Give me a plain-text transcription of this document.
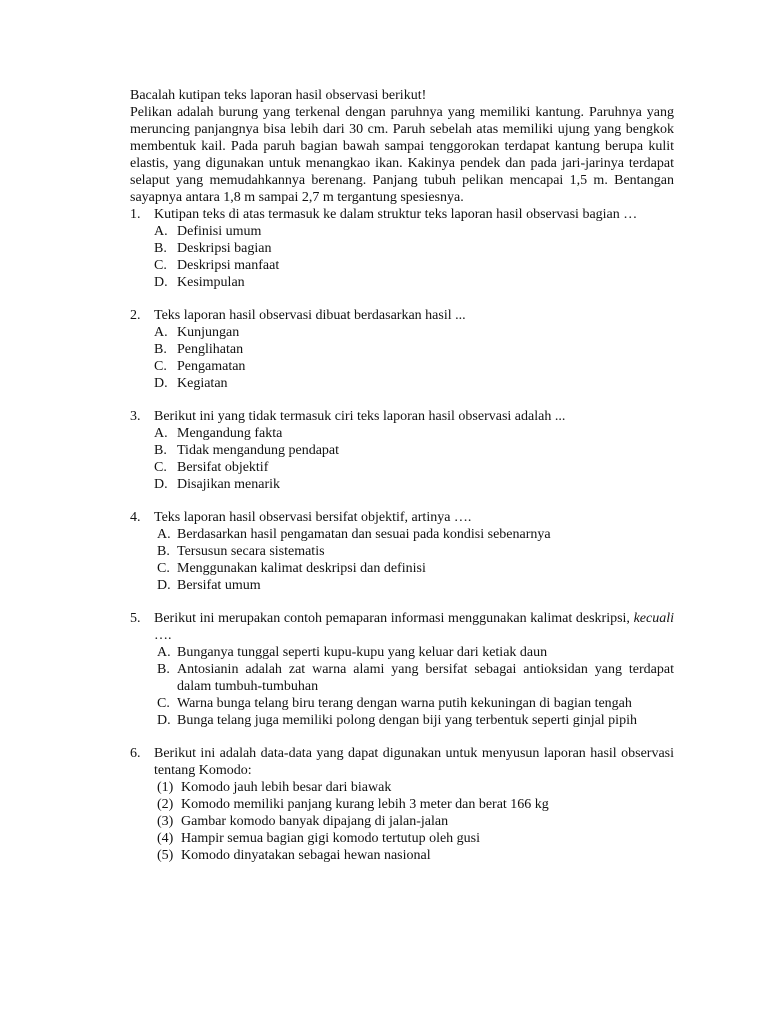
Bacalah kutipan teks laporan hasil observasi berikut!

Pelikan adalah burung yang terkenal dengan paruhnya yang memiliki kantung. Paruhnya yang meruncing panjangnya bisa lebih dari 30 cm. Paruh sebelah atas memiliki ujung yang bengkok membentuk kail. Pada paruh bagian bawah sampai tenggorokan terdapat kantung berupa kulit elastis, yang digunakan untuk menangkao ikan. Kakinya pendek dan pada jari-jarinya terdapat selaput yang memudahkannya berenang. Panjang tubuh pelikan mencapai 1,5 m. Bentangan sayapnya antara 1,8 m sampai 2,7 m tergantung spesiesnya.

1. Kutipan teks di atas termasuk ke dalam struktur teks laporan hasil observasi bagian …
A. Definisi umum
B. Deskripsi bagian
C. Deskripsi manfaat
D. Kesimpulan
2. Teks laporan hasil observasi dibuat berdasarkan hasil ...
A. Kunjungan
B. Penglihatan
C. Pengamatan
D. Kegiatan
3. Berikut ini yang tidak termasuk ciri teks laporan hasil observasi adalah ...
A. Mengandung fakta
B. Tidak mengandung pendapat
C. Bersifat objektif
D. Disajikan menarik
4. Teks laporan hasil observasi bersifat objektif, artinya ….
A. Berdasarkan hasil pengamatan dan sesuai pada kondisi sebenarnya
B. Tersusun secara sistematis
C. Menggunakan kalimat deskripsi dan definisi
D. Bersifat umum
5. Berikut ini merupakan contoh pemaparan informasi menggunakan kalimat deskripsi, kecuali ….
A. Bunganya tunggal seperti kupu-kupu yang keluar dari ketiak daun
B. Antosianin adalah zat warna alami yang bersifat sebagai antioksidan yang terdapat dalam tumbuh-tumbuhan
C. Warna bunga telang biru terang dengan warna putih kekuningan di bagian tengah
D. Bunga telang juga memiliki polong dengan biji yang terbentuk seperti ginjal pipih
6. Berikut ini adalah data-data yang dapat digunakan untuk menyusun laporan hasil observasi tentang Komodo:
(1) Komodo jauh lebih besar dari biawak
(2) Komodo memiliki panjang kurang lebih 3 meter dan berat 166 kg
(3) Gambar komodo banyak dipajang di jalan-jalan
(4) Hampir semua bagian gigi komodo tertutup oleh gusi
(5) Komodo dinyatakan sebagai hewan nasional
